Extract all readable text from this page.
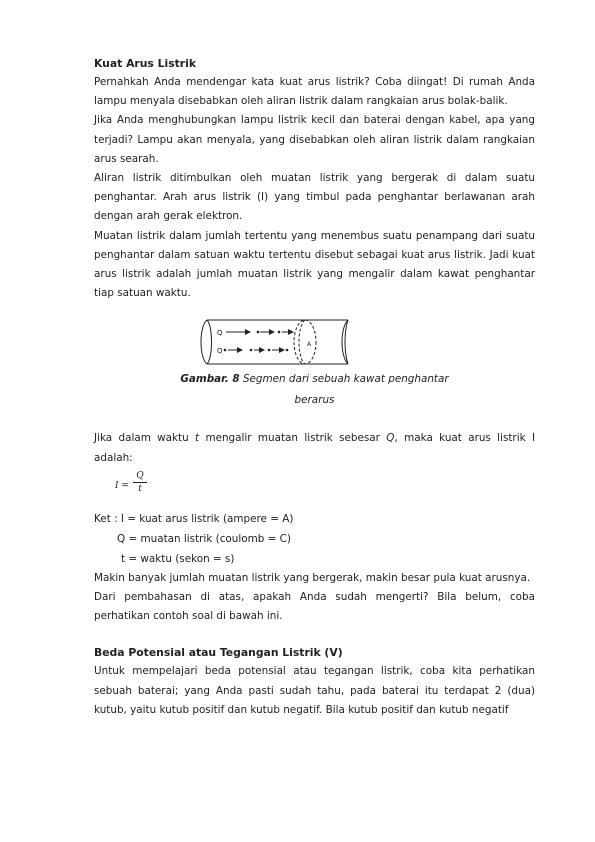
Kuat Arus Listrik

Pernahkah Anda mendengar kata kuat arus listrik? Coba diingat! Di rumah Anda lampu menyala disebabkan oleh aliran listrik dalam rangkaian arus bolak-balik.

Jika Anda menghubungkan lampu listrik kecil dan baterai dengan kabel, apa yang terjadi? Lampu akan menyala, yang disebabkan oleh aliran listrik dalam rangkaian arus searah.

Aliran listrik ditimbulkan oleh muatan listrik yang bergerak di dalam suatu penghantar. Arah arus listrik (I) yang timbul pada penghantar berlawanan arah dengan arah gerak elektron.

Muatan listrik dalam jumlah tertentu yang menembus suatu penampang dari suatu penghantar dalam satuan waktu tertentu disebut sebagai kuat arus listrik. Jadi kuat arus listrik adalah jumlah muatan listrik yang mengalir dalam kawat penghantar tiap satuan waktu.

Q
Q
A
Gambar. 8 Segmen dari sebuah kawat penghantar
berarus

Jika dalam waktu t mengalir muatan listrik sebesar Q, maka kuat arus listrik I adalah:

I =
Q
t
Ket : I = kuat arus listrik (ampere = A)
Q = muatan listrik (coulomb = C)
t = waktu (sekon = s)

Makin banyak jumlah muatan listrik yang bergerak, makin besar pula kuat arusnya.

Dari pembahasan di atas, apakah Anda sudah mengerti? Bila belum, coba perhatikan contoh soal di bawah ini.

Beda Potensial atau Tegangan Listrik (V)

Untuk mempelajari beda potensial atau tegangan listrik, coba kita perhatikan sebuah baterai; yang Anda pasti sudah tahu, pada baterai itu terdapat 2 (dua) kutub, yaitu kutub positif dan kutub negatif. Bila kutub positif dan kutub negatif
